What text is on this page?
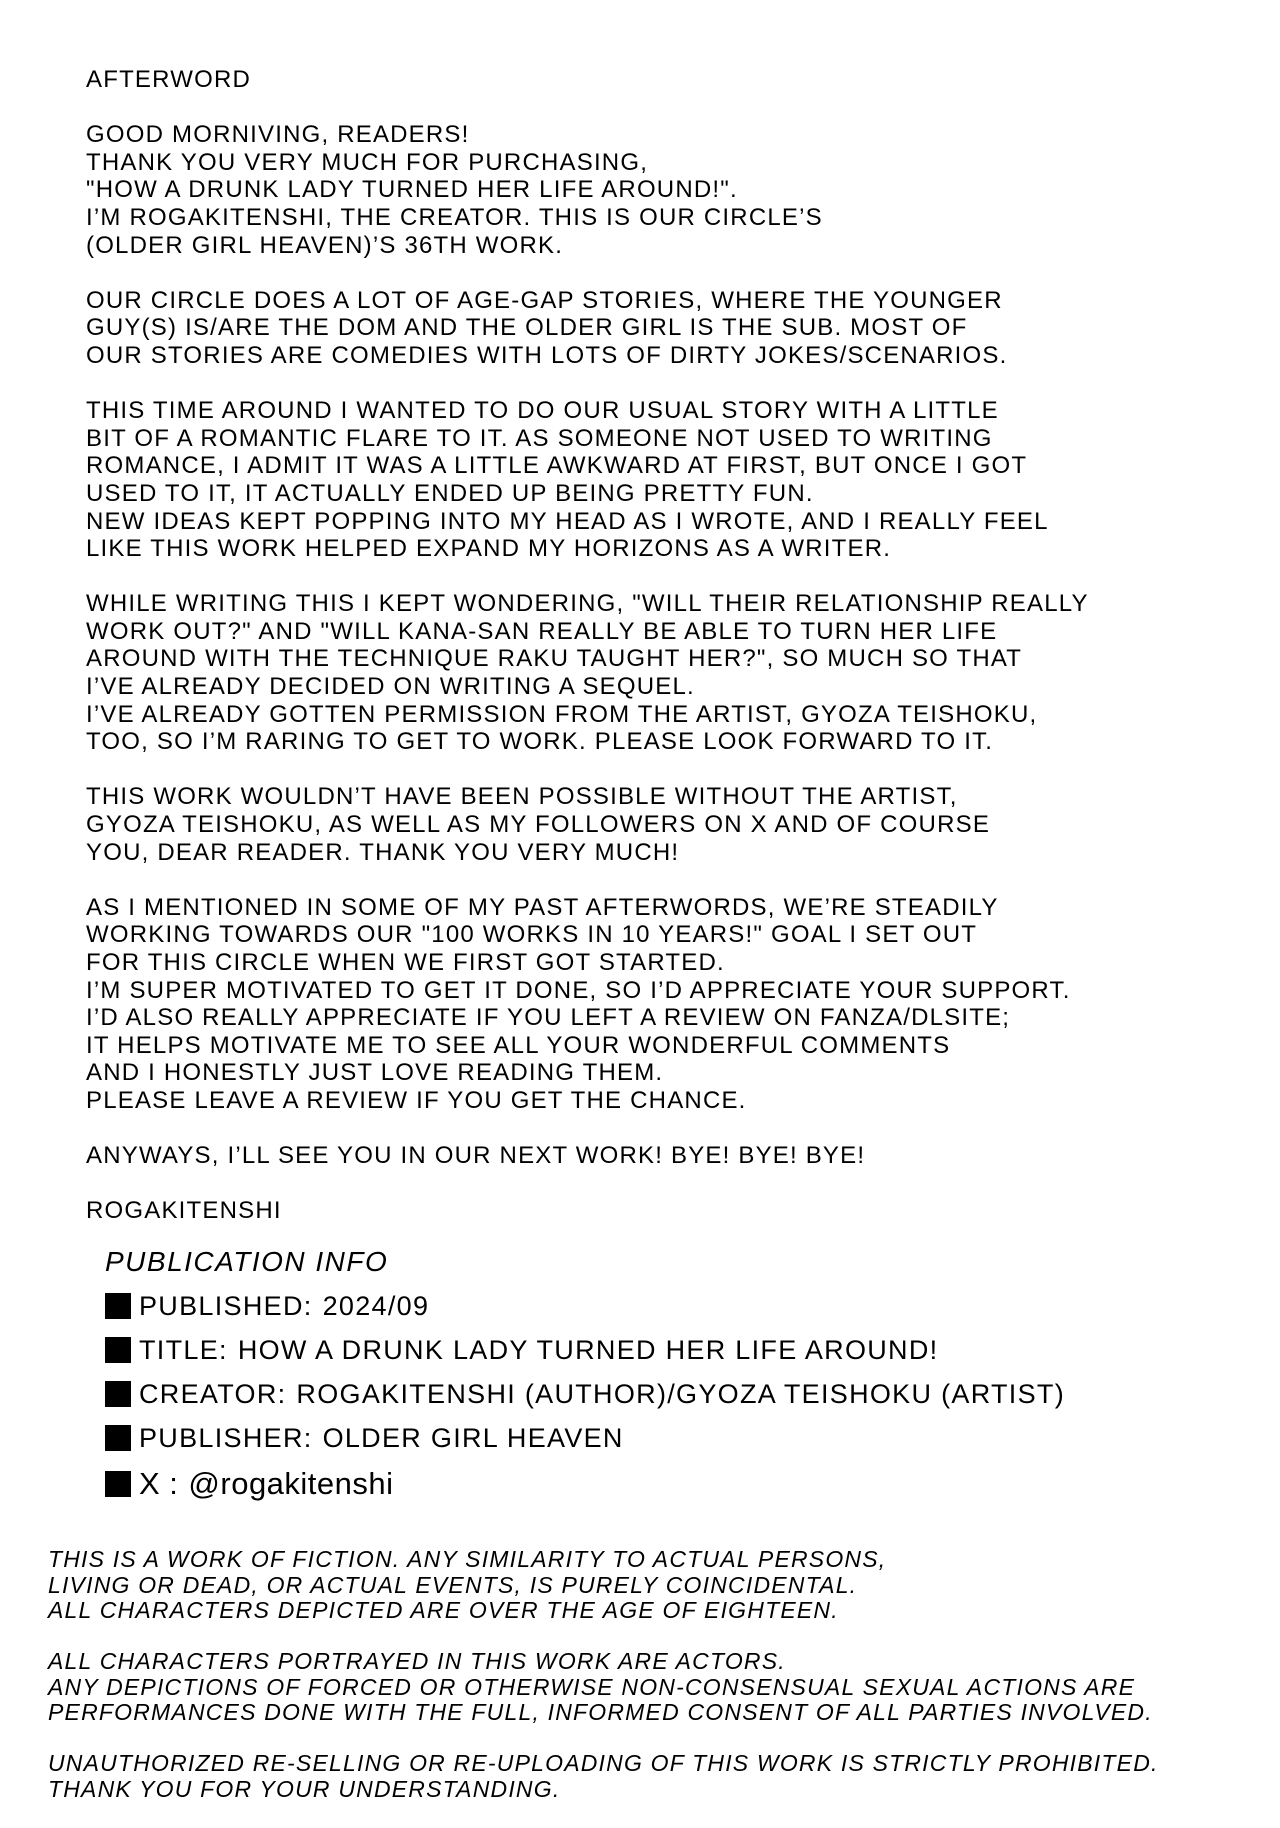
AFTERWORD
GOOD MORNIVING, READERS!
THANK YOU VERY MUCH FOR PURCHASING,
"HOW A DRUNK LADY TURNED HER LIFE AROUND!".
I’M ROGAKITENSHI, THE CREATOR. THIS IS OUR CIRCLE’S
(OLDER GIRL HEAVEN)’S 36TH WORK.
OUR CIRCLE DOES A LOT OF AGE-GAP STORIES, WHERE THE YOUNGER
GUY(S) IS/ARE THE DOM AND THE OLDER GIRL IS THE SUB. MOST OF
OUR STORIES ARE COMEDIES WITH LOTS OF DIRTY JOKES/SCENARIOS.
THIS TIME AROUND I WANTED TO DO OUR USUAL STORY WITH A LITTLE
BIT OF A ROMANTIC FLARE TO IT. AS SOMEONE NOT USED TO WRITING
ROMANCE, I ADMIT IT WAS A LITTLE AWKWARD AT FIRST, BUT ONCE I GOT
USED TO IT, IT ACTUALLY ENDED UP BEING PRETTY FUN.
NEW IDEAS KEPT POPPING INTO MY HEAD AS I WROTE, AND I REALLY FEEL
LIKE THIS WORK HELPED EXPAND MY HORIZONS AS A WRITER.
WHILE WRITING THIS I KEPT WONDERING, "WILL THEIR RELATIONSHIP REALLY
WORK OUT?" AND "WILL KANA-SAN REALLY BE ABLE TO TURN HER LIFE
AROUND WITH THE TECHNIQUE RAKU TAUGHT HER?", SO MUCH SO THAT
I’VE ALREADY DECIDED ON WRITING A SEQUEL.
I’VE ALREADY GOTTEN PERMISSION FROM THE ARTIST, GYOZA TEISHOKU,
TOO, SO I’M RARING TO GET TO WORK. PLEASE LOOK FORWARD TO IT.
THIS WORK WOULDN’T HAVE BEEN POSSIBLE WITHOUT THE ARTIST,
GYOZA TEISHOKU, AS WELL AS MY FOLLOWERS ON X AND OF COURSE
YOU, DEAR READER. THANK YOU VERY MUCH!
AS I MENTIONED IN SOME OF MY PAST AFTERWORDS, WE’RE STEADILY
WORKING TOWARDS OUR "100 WORKS IN 10 YEARS!" GOAL I SET OUT
FOR THIS CIRCLE WHEN WE FIRST GOT STARTED.
I’M SUPER MOTIVATED TO GET IT DONE, SO I’D APPRECIATE YOUR SUPPORT.
I’D ALSO REALLY APPRECIATE IF YOU LEFT A REVIEW ON FANZA/DLSITE;
IT HELPS MOTIVATE ME TO SEE ALL YOUR WONDERFUL COMMENTS
AND I HONESTLY JUST LOVE READING THEM.
PLEASE LEAVE A REVIEW IF YOU GET THE CHANCE.
ANYWAYS, I’LL SEE YOU IN OUR NEXT WORK! BYE! BYE! BYE!
ROGAKITENSHI
PUBLICATION INFO
PUBLISHED: 2024/09
TITLE: HOW A DRUNK LADY TURNED HER LIFE AROUND!
CREATOR: ROGAKITENSHI (AUTHOR)/GYOZA TEISHOKU (ARTIST)
PUBLISHER: OLDER GIRL HEAVEN
X : @rogakitenshi
THIS IS A WORK OF FICTION. ANY SIMILARITY TO ACTUAL PERSONS,
LIVING OR DEAD, OR ACTUAL EVENTS, IS PURELY COINCIDENTAL.
ALL CHARACTERS DEPICTED ARE OVER THE AGE OF EIGHTEEN.
ALL CHARACTERS PORTRAYED IN THIS WORK ARE ACTORS.
ANY DEPICTIONS OF FORCED OR OTHERWISE NON-CONSENSUAL SEXUAL ACTIONS ARE
PERFORMANCES DONE WITH THE FULL, INFORMED CONSENT OF ALL PARTIES INVOLVED.
UNAUTHORIZED RE-SELLING OR RE-UPLOADING OF THIS WORK IS STRICTLY PROHIBITED.
THANK YOU FOR YOUR UNDERSTANDING.
